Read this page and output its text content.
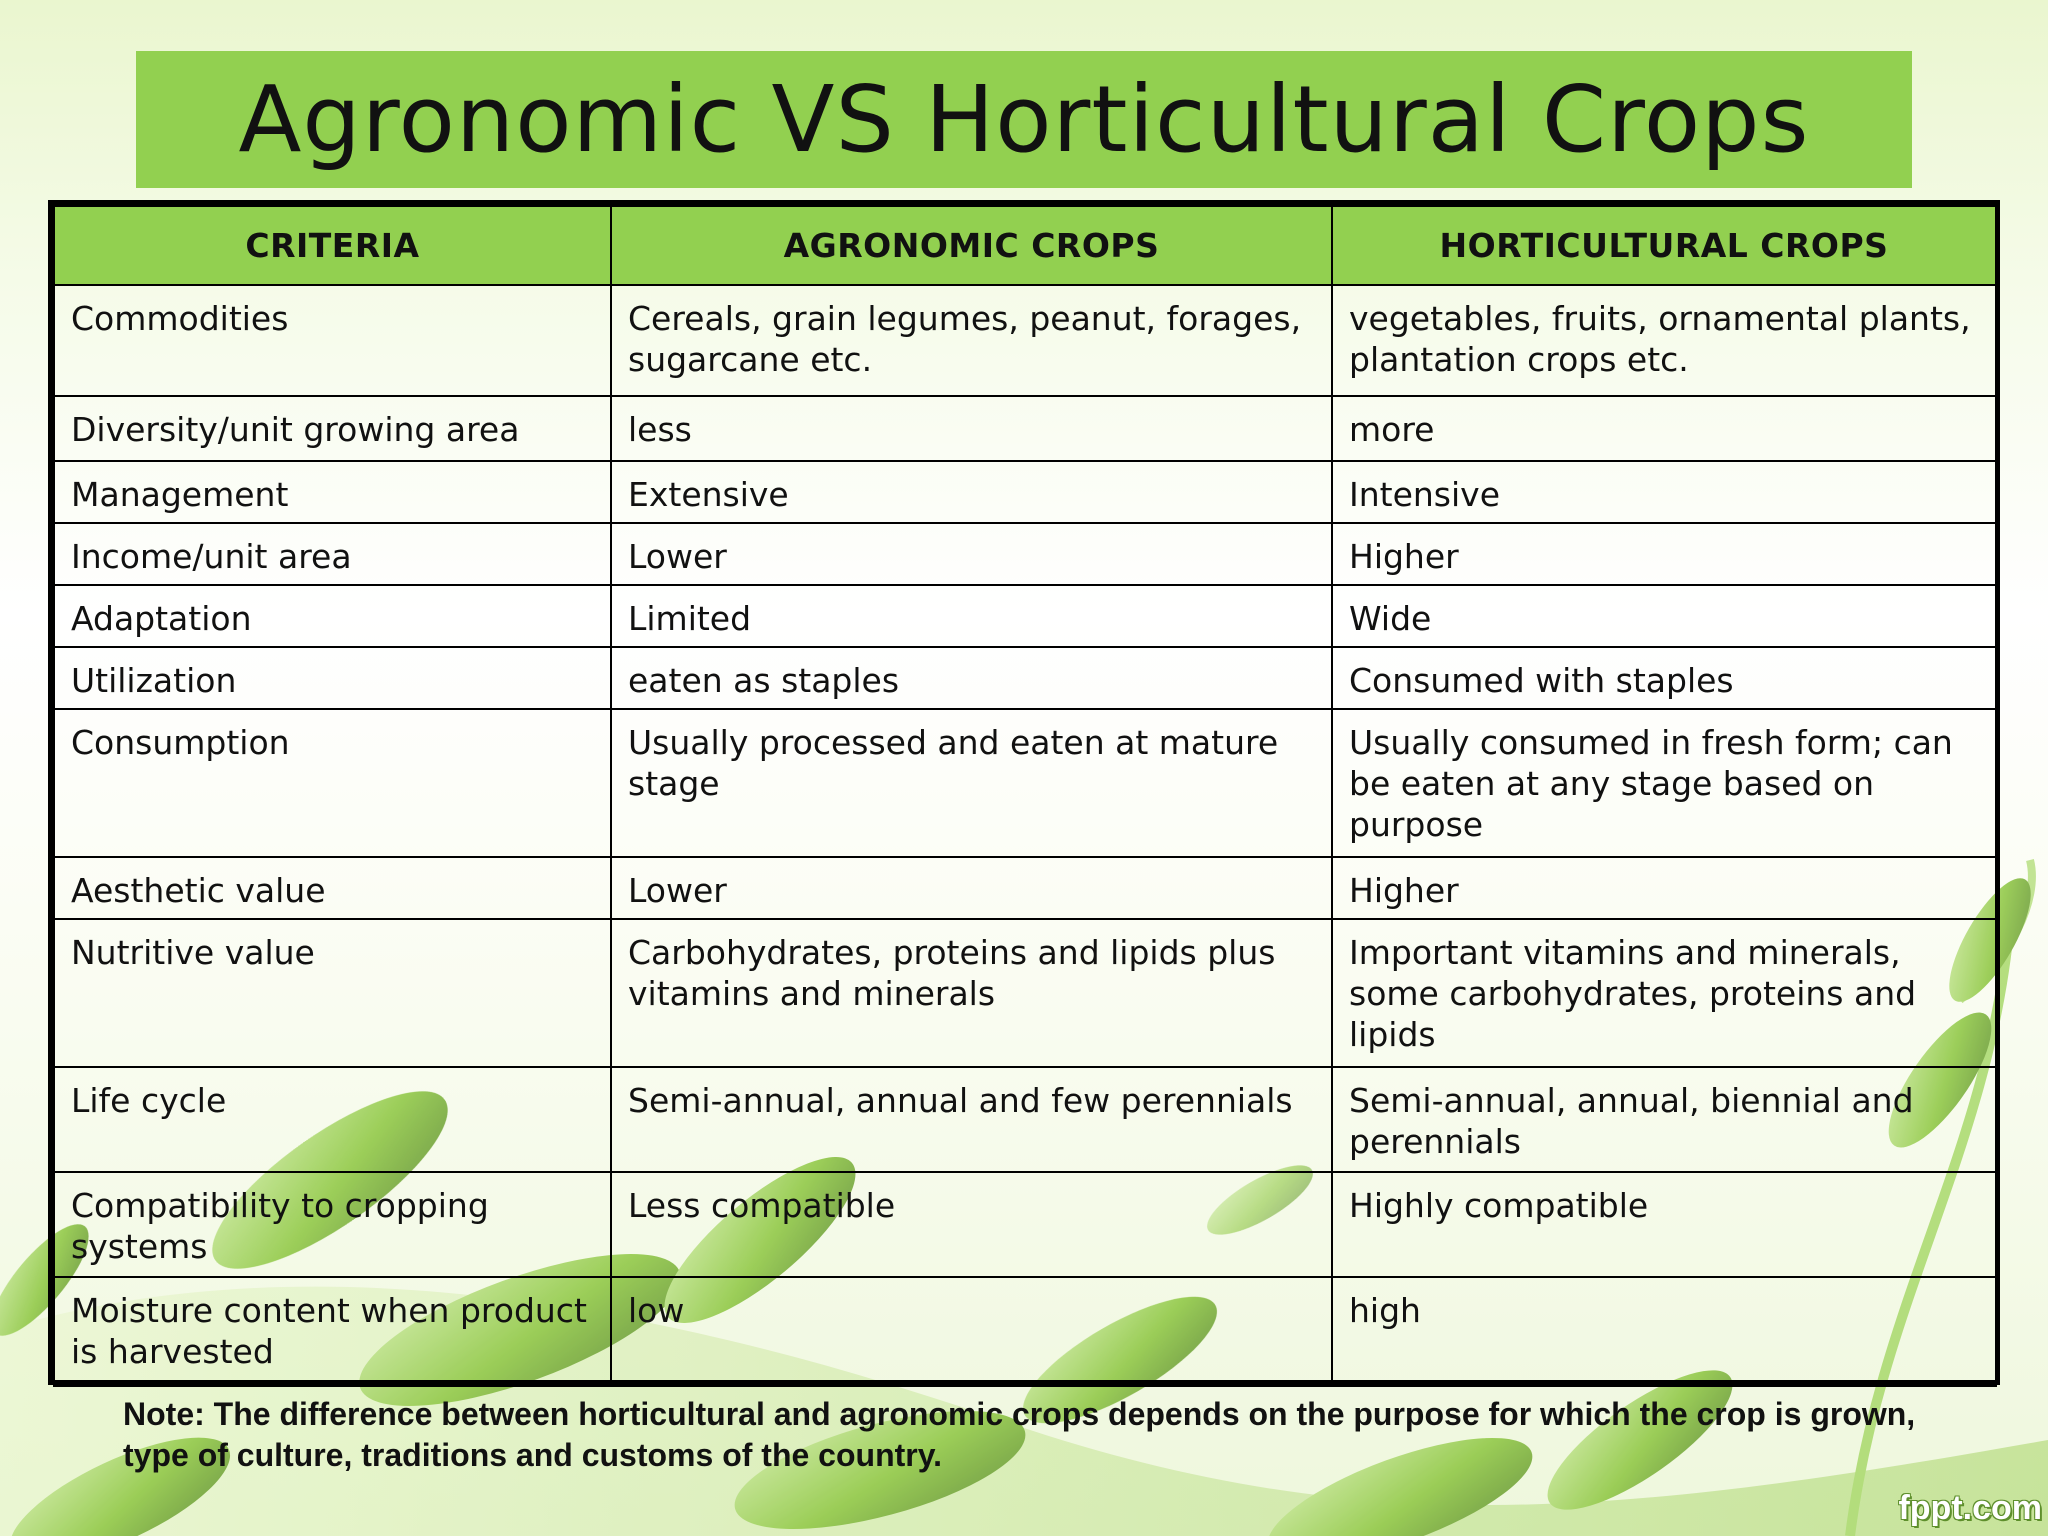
Agronomic VS Horticultural Crops
CRITERIA	AGRONOMIC CROPS	HORTICULTURAL CROPS
Commodities	Cereals, grain legumes, peanut, forages, sugarcane etc.	vegetables, fruits, ornamental plants, plantation crops etc.
Diversity/unit growing area	less	more
Management	Extensive	Intensive
Income/unit area	Lower	Higher
Adaptation	Limited	Wide
Utilization	eaten as staples	Consumed with staples
Consumption	Usually processed and eaten at mature stage	Usually consumed in fresh form; can be eaten at any stage based on purpose
Aesthetic value	Lower	Higher
Nutritive value	Carbohydrates, proteins and lipids plus vitamins and minerals	Important vitamins and minerals, some carbohydrates, proteins and lipids
Life cycle	Semi-annual, annual and few perennials	Semi-annual, annual, biennial and perennials
Compatibility to cropping systems	Less compatible	Highly compatible
Moisture content when product is harvested	low	high
Note: The difference between horticultural and agronomic crops depends on the purpose for which the crop is grown, type of culture, traditions and customs of the country.
fppt.com
